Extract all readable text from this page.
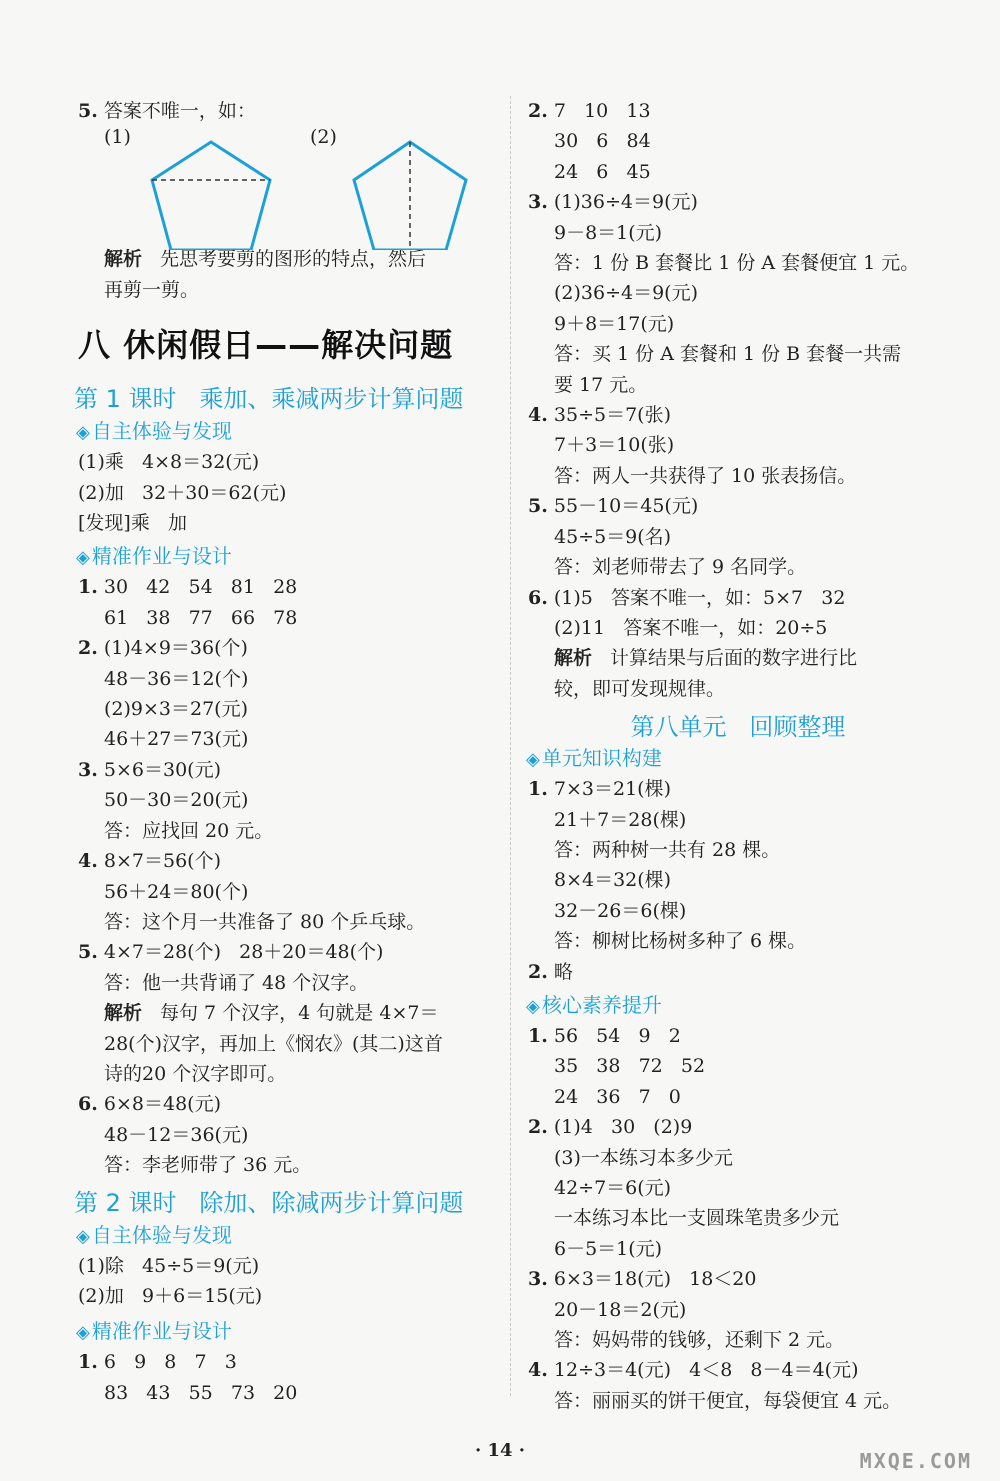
5. 答案不唯一，如：
(1)	(2)
解析 先思考要剪的图形的特点，然后
再剪一剪。
八 休闲假日——解决问题
第 1 课时   乘加、乘减两步计算问题
◈ 自主体验与发现
(1)乘   4×8＝32(元)
(2)加   32＋30＝62(元)
[发现]乘   加
◈ 精准作业与设计
1. 30   42   54   81   28
61   38   77   66   78
2. (1)4×9＝36(个)
48－36＝12(个)
(2)9×3＝27(元)
46＋27＝73(元)
3. 5×6＝30(元)
50－30＝20(元)
答：应找回 20 元。
4. 8×7＝56(个)
56＋24＝80(个)
答：这个月一共准备了 80 个乒乓球。
5. 4×7＝28(个)   28＋20＝48(个)
答：他一共背诵了 48 个汉字。
解析 每句 7 个汉字，4 句就是 4×7＝
28(个)汉字，再加上《悯农》(其二)这首
诗的20 个汉字即可。
6. 6×8＝48(元)
48－12＝36(元)
答：李老师带了 36 元。
第 2 课时   除加、除减两步计算问题
◈ 自主体验与发现
(1)除   45÷5＝9(元)
(2)加   9＋6＝15(元)
◈ 精准作业与设计
1. 6   9   8   7   3
83   43   55   73   20
2. 7   10   13
30   6   84
24   6   45
3. (1)36÷4＝9(元)
9－8＝1(元)
答：1 份 B 套餐比 1 份 A 套餐便宜 1 元。
(2)36÷4＝9(元)
9＋8＝17(元)
答：买 1 份 A 套餐和 1 份 B 套餐一共需
要 17 元。
4. 35÷5＝7(张)
7＋3＝10(张)
答：两人一共获得了 10 张表扬信。
5. 55－10＝45(元)
45÷5＝9(名)
答：刘老师带去了 9 名同学。
6. (1)5   答案不唯一，如：5×7   32
(2)11   答案不唯一，如：20÷5
解析 计算结果与后面的数字进行比
较，即可发现规律。
第八单元   回顾整理
◈ 单元知识构建
1. 7×3＝21(棵)
21＋7＝28(棵)
答：两种树一共有 28 棵。
8×4＝32(棵)
32－26＝6(棵)
答：柳树比杨树多种了 6 棵。
2. 略
◈ 核心素养提升
1. 56   54   9   2
35   38   72   52
24   36   7   0
2. (1)4   30   (2)9
(3)一本练习本多少元
42÷7＝6(元)
一本练习本比一支圆珠笔贵多少元
6－5＝1(元)
3. 6×3＝18(元)   18＜20
20－18＝2(元)
答：妈妈带的钱够，还剩下 2 元。
4. 12÷3＝4(元)   4＜8   8－4＝4(元)
答：丽丽买的饼干便宜，每袋便宜 4 元。
· 14 ·	MXQE.COM
